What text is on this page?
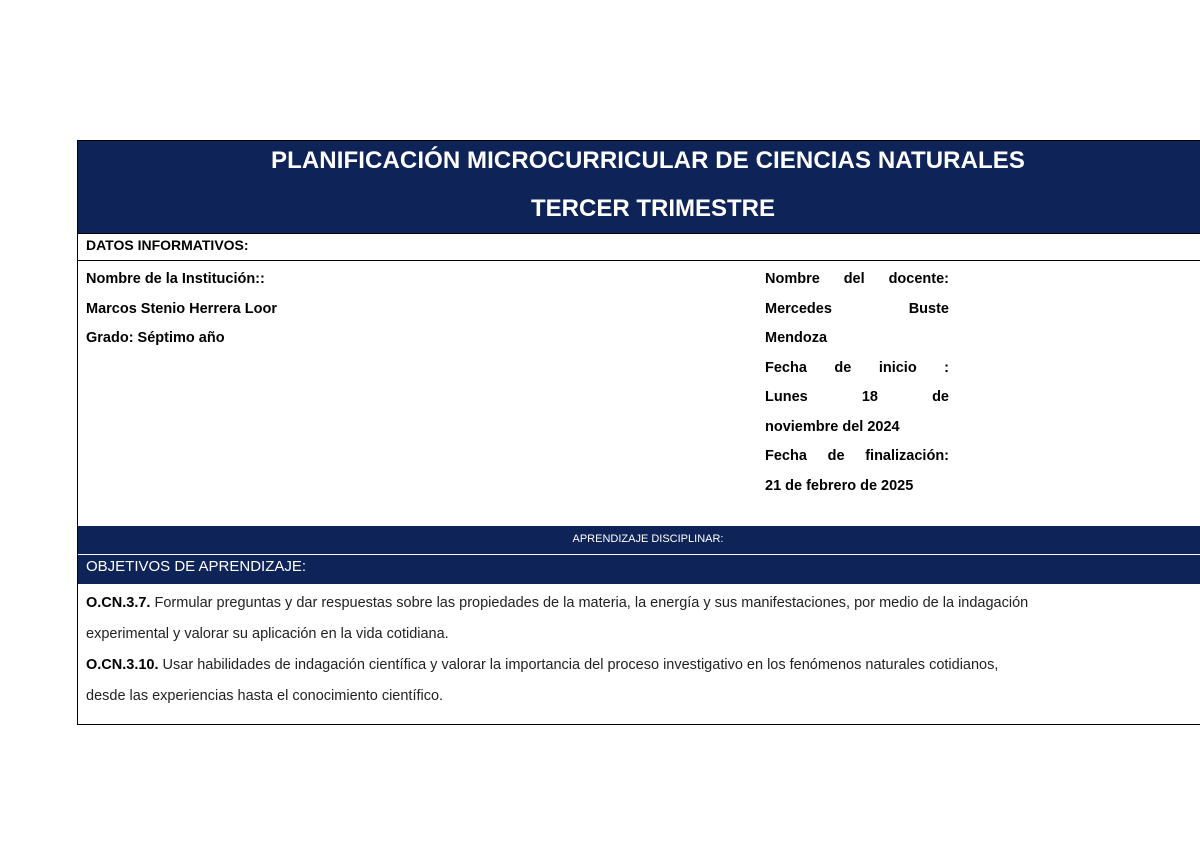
PLANIFICACIÓN MICROCURRICULAR DE CIENCIAS NATURALES
TERCER TRIMESTRE
DATOS INFORMATIVOS:
Nombre de la Institución::
Marcos Stenio Herrera Loor
Grado: Séptimo año
Nombre del docente:
Mercedes Buste
Mendoza
Fecha de inicio :
Lunes 18 de
noviembre del 2024
Fecha de finalización:
21 de febrero de 2025
APRENDIZAJE DISCIPLINAR:
OBJETIVOS DE APRENDIZAJE:
O.CN.3.7. Formular preguntas y dar respuestas sobre las propiedades de la materia, la energía y sus manifestaciones, por medio de la indagación
experimental y valorar su aplicación en la vida cotidiana.
O.CN.3.10. Usar habilidades de indagación científica y valorar la importancia del proceso investigativo en los fenómenos naturales cotidianos,
desde las experiencias hasta el conocimiento científico.
